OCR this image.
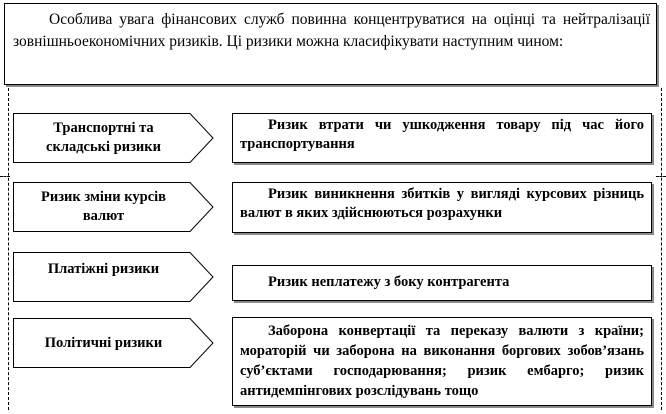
Особлива увага фінансових служб повинна концентруватися на оцінці та нейтралізації зовнішньоекономічних ризиків. Ці ризики можна класифікувати наступним чином:
Транспортні та складські ризики
Ризик втрати чи ушкодження товару під час його транспортування
Ризик зміни курсів валют
Ризик виникнення збитків у вигляді курсових різниць валют в яких здійснюються розрахунки
Платіжні ризики
Ризик неплатежу з боку контрагента
Політичні ризики
Заборона конвертації та переказу валюти з країни; мораторій чи заборона на виконання боргових зобов’язань суб’єктами господарювання; ризик ембарго; ризик антидемпінгових розслідувань тощо
